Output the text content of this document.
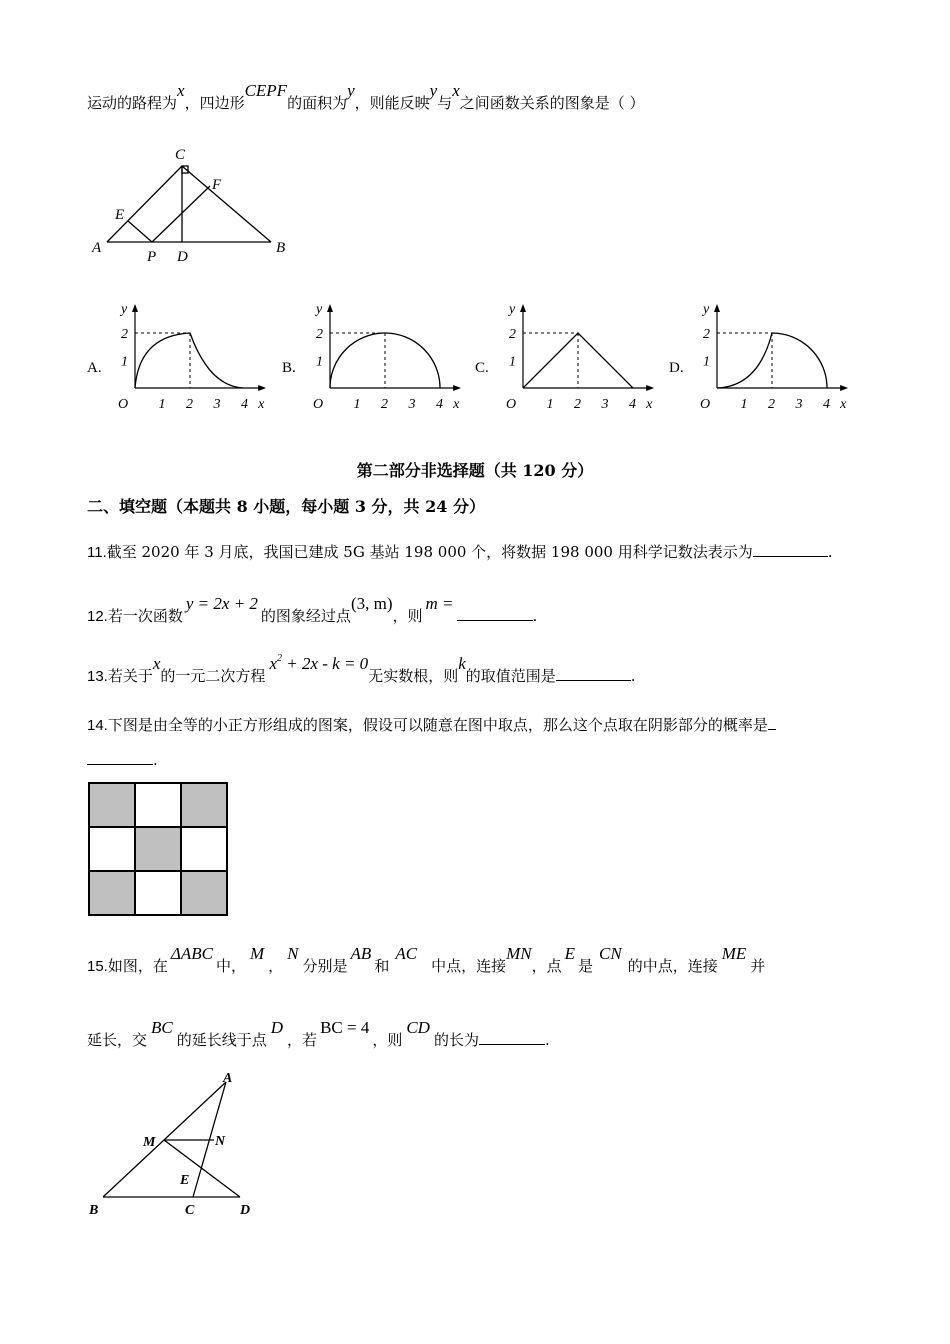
运动的路程为x，四边形CEPF的面积为y，则能反映y与x之间函数关系的图象是（ ）
C
E
F
A	B
P D
A.
y
x
O
1
2
1 2 3 4
B.
y
x
O
1
2
1 2 3 4
C.
y
x
O
1
2
1 2 3 4
D.
y
x
O
1
2
1 2 3 4
第二部分非选择题（共 120 分）
二、填空题（本题共 8 小题，每小题 3 分，共 24 分）
11.截至 2020 年 3 月底，我国已建成 5G 基站 198 000 个，将数据 198 000 用科学记数法表示为	.
12.若一次函数y = 2x + 2的图象经过点(3, m)，则m =.
13.若关于x的一元二次方程$x^2 + 2x - k = 0$无实数根，则k的取值范围是	.
14.下图是由全等的小正方形组成的图案，假设可以随意在图中取点，那么这个点取在阴影部分的概率是
.
15.如图，在ΔABC中，M，N分别是AB和AC中点，连接MN，点E是CN的中点，连接ME并
延长，交BC的延长线于点D，若BC = 4，则CD的长为	.
A
M	N
E
B	C	D
